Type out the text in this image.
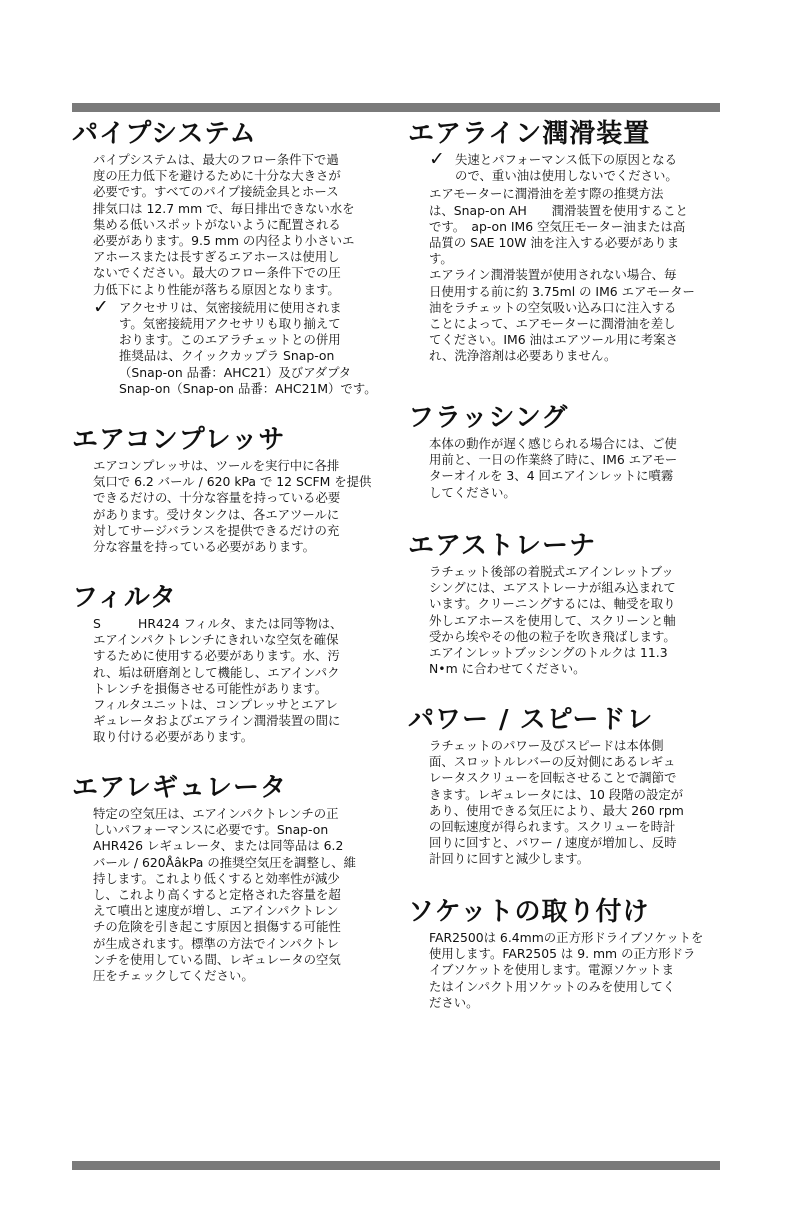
パイプシステム
パイプシステムは、最大のフロー条件下で過
度の圧力低下を避けるために十分な大きさが
必要です。すべてのパイプ接続金具とホース
排気口は 12.7 mm で、毎日排出できない水を
集める低いスポットがないように配置される
必要があります。9.5 mm の内径より小さいエ
アホースまたは長すぎるエアホースは使用し
ないでください。最大のフロー条件下での圧
力低下により性能が落ちる原因となります。
✓ アクセサリは、気密接続用に使用されま
す。気密接続用アクセサリも取り揃えて
おります。このエアラチェットとの併用
推奨品は、クイックカップラ Snap-on
（Snap-on 品番：AHC21）及びアダプタ
Snap-on（Snap-on 品番：AHC21M）です。
エアコンプレッサ
エアコンプレッサは、ツールを実行中に各排
気口で 6.2 バール / 620 kPa で 12 SCFM を提供
できるだけの、十分な容量を持っている必要
があります。受けタンクは、各エアツールに
対してサージバランスを提供できるだけの充
分な容量を持っている必要があります。
フィルタ
S　　　HR424 フィルタ、または同等物は、
エアインパクトレンチにきれいな空気を確保
するために使用する必要があります。水、汚
れ、垢は研磨剤として機能し、エアインパク
トレンチを損傷させる可能性があります。
フィルタユニットは、コンプレッサとエアレ
ギュレータおよびエアライン潤滑装置の間に
取り付ける必要があります。
エアレギュレータ
特定の空気圧は、エアインパクトレンチの正
しいパフォーマンスに必要です。Snap-on
AHR426 レギュレータ、または同等品は 6.2
バール / 620ÅâkPa の推奨空気圧を調整し、維
持します。これより低くすると効率性が減少
し、これより高くすると定格された容量を超
えて噴出と速度が増し、エアインパクトレン
チの危険を引き起こす原因と損傷する可能性
が生成されます。標準の方法でインパクトレ
ンチを使用している間、レギュレータの空気
圧をチェックしてください。
エアライン潤滑装置
✓ 失速とパフォーマンス低下の原因となる
ので、重い油は使用しないでください。
エアモーターに潤滑油を差す際の推奨方法
は、Snap-on AH　　潤滑装置を使用すること
です。　ap-on IM6 空気圧モーター油または高
品質の SAE 10W 油を注入する必要がありま
す。
エアライン潤滑装置が使用されない場合、毎
日使用する前に約 3.75ml の IM6 エアモーター
油をラチェットの空気吸い込み口に注入する
ことによって、エアモーターに潤滑油を差し
てください。IM6 油はエアツール用に考案さ
れ、洗浄溶剤は必要ありません。
フラッシング
本体の動作が遅く感じられる場合には、ご使
用前と、一日の作業終了時に、IM6 エアモー
ターオイルを 3、4 回エアインレットに噴霧
してください。
エアストレーナ
ラチェット後部の着脱式エアインレットブッ
シングには、エアストレーナが組み込まれて
います。クリーニングするには、軸受を取り
外しエアホースを使用して、スクリーンと軸
受から埃やその他の粒子を吹き飛ばします。
エアインレットブッシングのトルクは 11.3
N•m に合わせてください。
パワー / スピードレ
ラチェットのパワー及びスピードは本体側
面、スロットルレバーの反対側にあるレギュ
レータスクリューを回転させることで調節で
きます。レギュレータには、10 段階の設定が
あり、使用できる気圧により、最大 260 rpm
の回転速度が得られます。スクリューを時計
回りに回すと、パワー / 速度が増加し、反時
計回りに回すと減少します。
ソケットの取り付け
FAR2500は 6.4mmの正方形ドライブソケットを
使用します。FAR2505 は 9. mm の正方形ドラ
イブソケットを使用します。電源ソケットま
たはインパクト用ソケットのみを使用してく
ださい。
